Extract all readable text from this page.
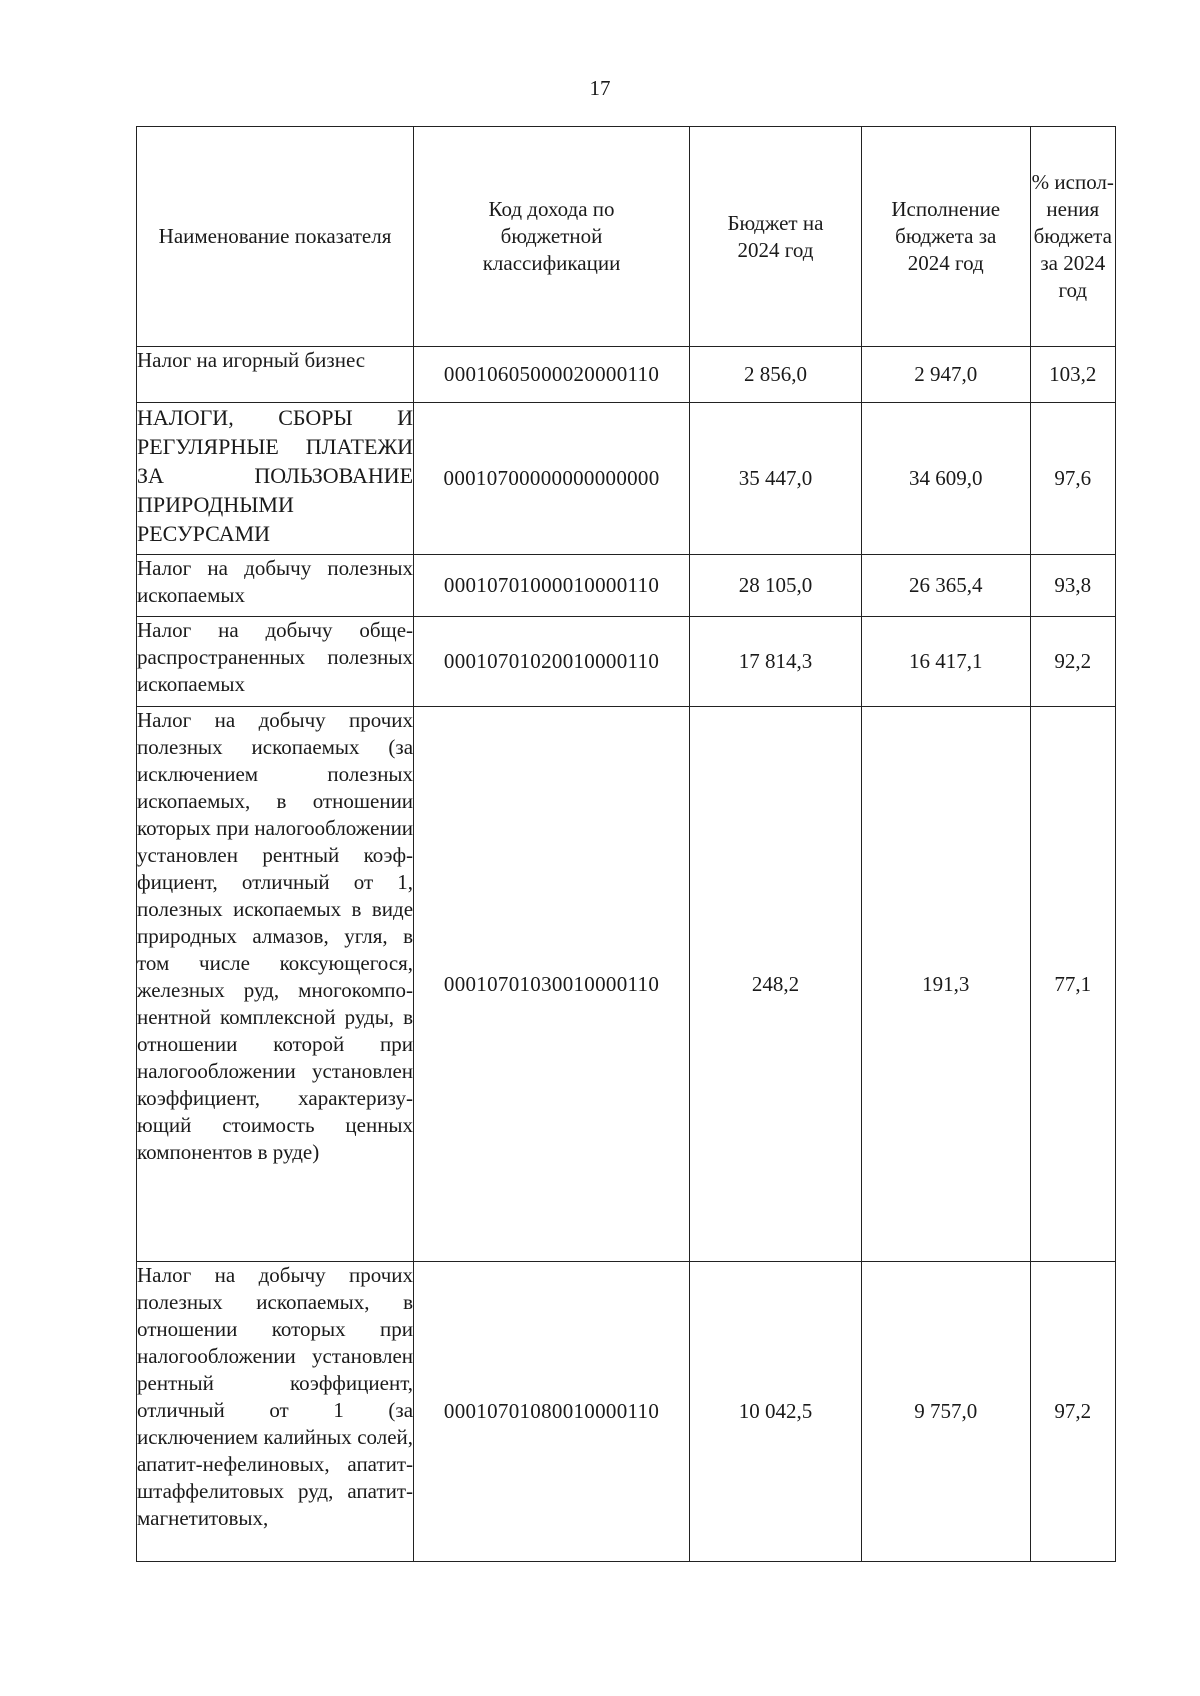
17
Наименование показателя	Код дохода по бюджетной классификации	Бюджет на 2024 год	Исполнение бюджета за 2024 год	% исполнения бюджета за 2024 год
Налог на игорный бизнес	00010605000020000110	2 856,0	2 947,0	103,2
НАЛОГИ, СБОРЫ И РЕГУЛЯРНЫЕ ПЛАТЕЖИ ЗА ПОЛЬЗОВАНИЕ ПРИРОДНЫМИ РЕСУРСАМИ	00010700000000000000	35 447,0	34 609,0	97,6
Налог на добычу полезных ископаемых	00010701000010000110	28 105,0	26 365,4	93,8
Налог на добычу общераспространенных полезных ископаемых	00010701020010000110	17 814,3	16 417,1	92,2
Налог на добычу прочих полезных ископаемых (за исключением полезных ископаемых, в отношении которых при налогообложении установлен рентный коэффициент, отличный от 1, полезных ископаемых в виде природных алмазов, угля, в том числе коксующегося, железных руд, многокомпонентной комплексной руды, в отношении которой при налогообложении установлен коэффициент, характеризующий стоимость ценных компонентов в руде)	00010701030010000110	248,2	191,3	77,1
Налог на добычу прочих полезных ископаемых, в отношении которых при налогообложении установлен рентный коэффициент, отличный от 1 (за исключением калийных солей, апатит-нефелиновых, апатит-штаффелитовых руд, апатит-магнетитовых,	00010701080010000110	10 042,5	9 757,0	97,2
